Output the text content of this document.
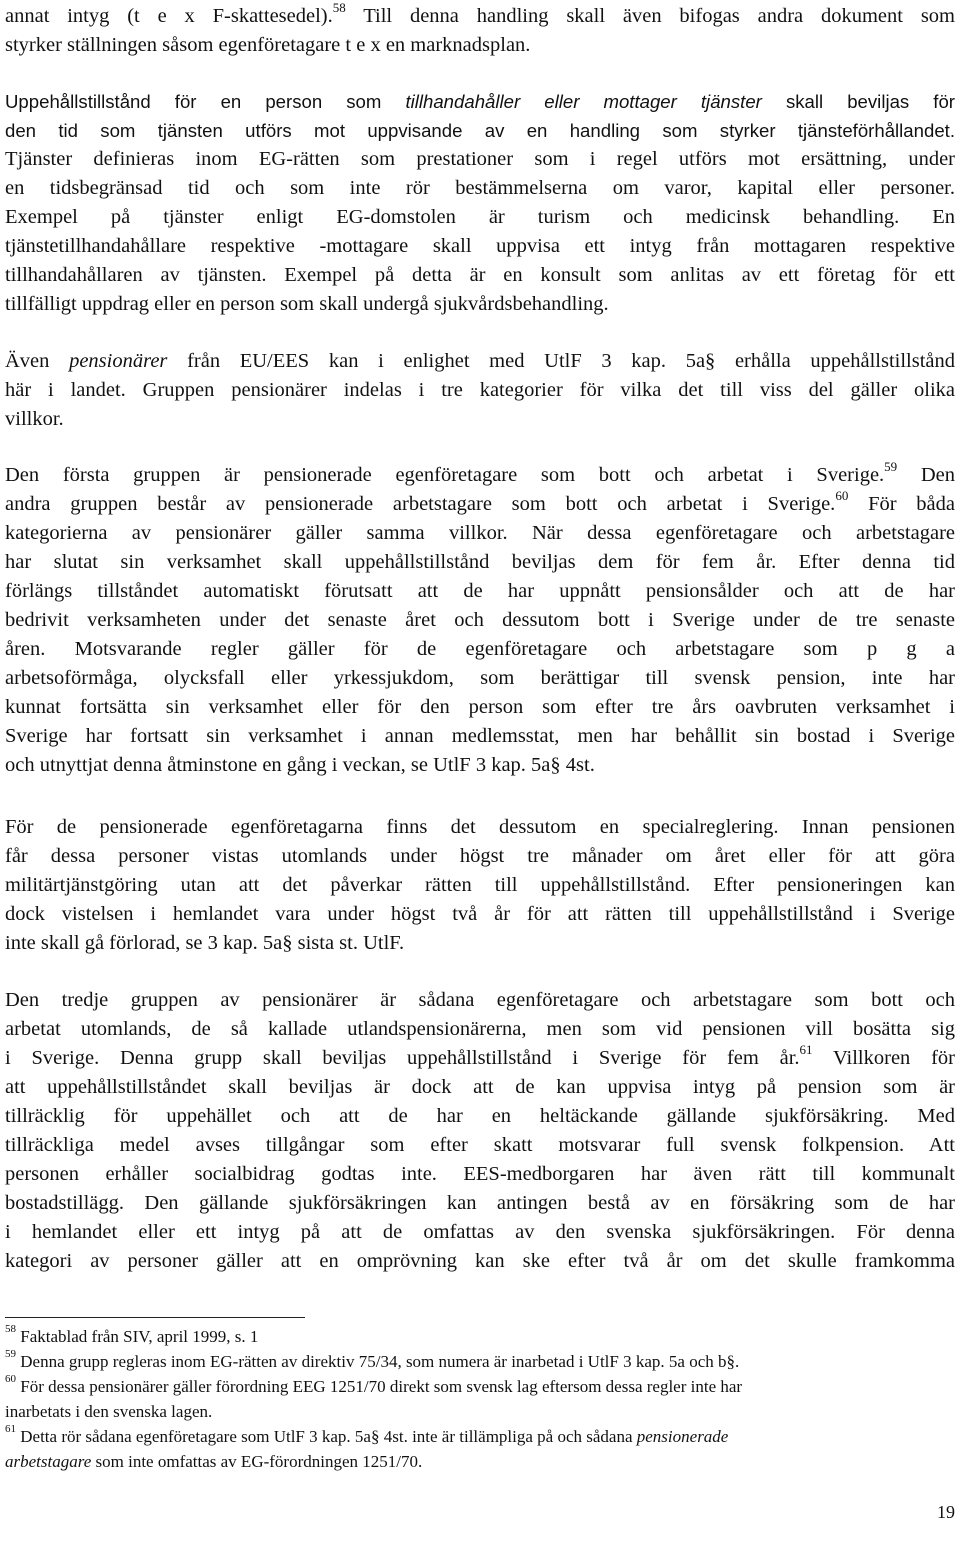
annat intyg (t e x F-skattesedel).$^{58}$ Till denna handling skall även bifogas andra dokument som
styrker ställningen såsom egenföretagare t e x en marknadsplan.
Uppehållstillstånd för en person som tillhandahåller eller mottager tjänster skall beviljas för
den tid som tjänsten utförs mot uppvisande av en handling som styrker tjänsteförhållandet.
Tjänster definieras inom EG-rätten som prestationer som i regel utförs mot ersättning, under
en tidsbegränsad tid och som inte rör bestämmelserna om varor, kapital eller personer.
Exempel på tjänster enligt EG-domstolen är turism och medicinsk behandling. En
tjänstetillhandahållare respektive -mottagare skall uppvisa ett intyg från mottagaren respektive
tillhandahållaren av tjänsten. Exempel på detta är en konsult som anlitas av ett företag för ett
tillfälligt uppdrag eller en person som skall undergå sjukvårdsbehandling.
Även pensionärer från EU/EES kan i enlighet med UtlF 3 kap. 5a§ erhålla uppehållstillstånd
här i landet. Gruppen pensionärer indelas i tre kategorier för vilka det till viss del gäller olika
villkor.
Den första gruppen är pensionerade egenföretagare som bott och arbetat i Sverige.$^{59}$ Den
andra gruppen består av pensionerade arbetstagare som bott och arbetat i Sverige.$^{60}$ För båda
kategorierna av pensionärer gäller samma villkor. När dessa egenföretagare och arbetstagare
har slutat sin verksamhet skall uppehållstillstånd beviljas dem för fem år. Efter denna tid
förlängs tillståndet automatiskt förutsatt att de har uppnått pensionsålder och att de har
bedrivit verksamheten under det senaste året och dessutom bott i Sverige under de tre senaste
åren. Motsvarande regler gäller för de egenföretagare och arbetstagare som p g a
arbetsoförmåga, olycksfall eller yrkessjukdom, som berättigar till svensk pension, inte har
kunnat fortsätta sin verksamhet eller för den person som efter tre års oavbruten verksamhet i
Sverige har fortsatt sin verksamhet i annan medlemsstat, men har behållit sin bostad i Sverige
och utnyttjat denna åtminstone en gång i veckan, se UtlF 3 kap. 5a§ 4st.
För de pensionerade egenföretagarna finns det dessutom en specialreglering. Innan pensionen
får dessa personer vistas utomlands under högst tre månader om året eller för att göra
militärtjänstgöring utan att det påverkar rätten till uppehållstillstånd. Efter pensioneringen kan
dock vistelsen i hemlandet vara under högst två år för att rätten till uppehållstillstånd i Sverige
inte skall gå förlorad, se 3 kap. 5a§ sista st. UtlF.
Den tredje gruppen av pensionärer är sådana egenföretagare och arbetstagare som bott och
arbetat utomlands, de så kallade utlandspensionärerna, men som vid pensionen vill bosätta sig
i Sverige. Denna grupp skall beviljas uppehållstillstånd i Sverige för fem år.$^{61}$ Villkoren för
att uppehållstillståndet skall beviljas är dock att de kan uppvisa intyg på pension som är
tillräcklig för uppehället och att de har en heltäckande gällande sjukförsäkring. Med
tillräckliga medel avses tillgångar som efter skatt motsvarar full svensk folkpension. Att
personen erhåller socialbidrag godtas inte. EES-medborgaren har även rätt till kommunalt
bostadstillägg. Den gällande sjukförsäkringen kan antingen bestå av en försäkring som de har
i hemlandet eller ett intyg på att de omfattas av den svenska sjukförsäkringen. För denna
kategori av personer gäller att en omprövning kan ske efter två år om det skulle framkomma
$^{58}$ Faktablad från SIV, april 1999, s. 1
$^{59}$ Denna grupp regleras inom EG-rätten av direktiv 75/34, som numera är inarbetad i UtlF 3 kap. 5a och b§.
$^{60}$ För dessa pensionärer gäller förordning EEG 1251/70 direkt som svensk lag eftersom dessa regler inte har
inarbetats i den svenska lagen.
$^{61}$ Detta rör sådana egenföretagare som UtlF 3 kap. 5a§ 4st. inte är tillämpliga på och sådana pensionerade
arbetstagare som inte omfattas av EG-förordningen 1251/70.
19
